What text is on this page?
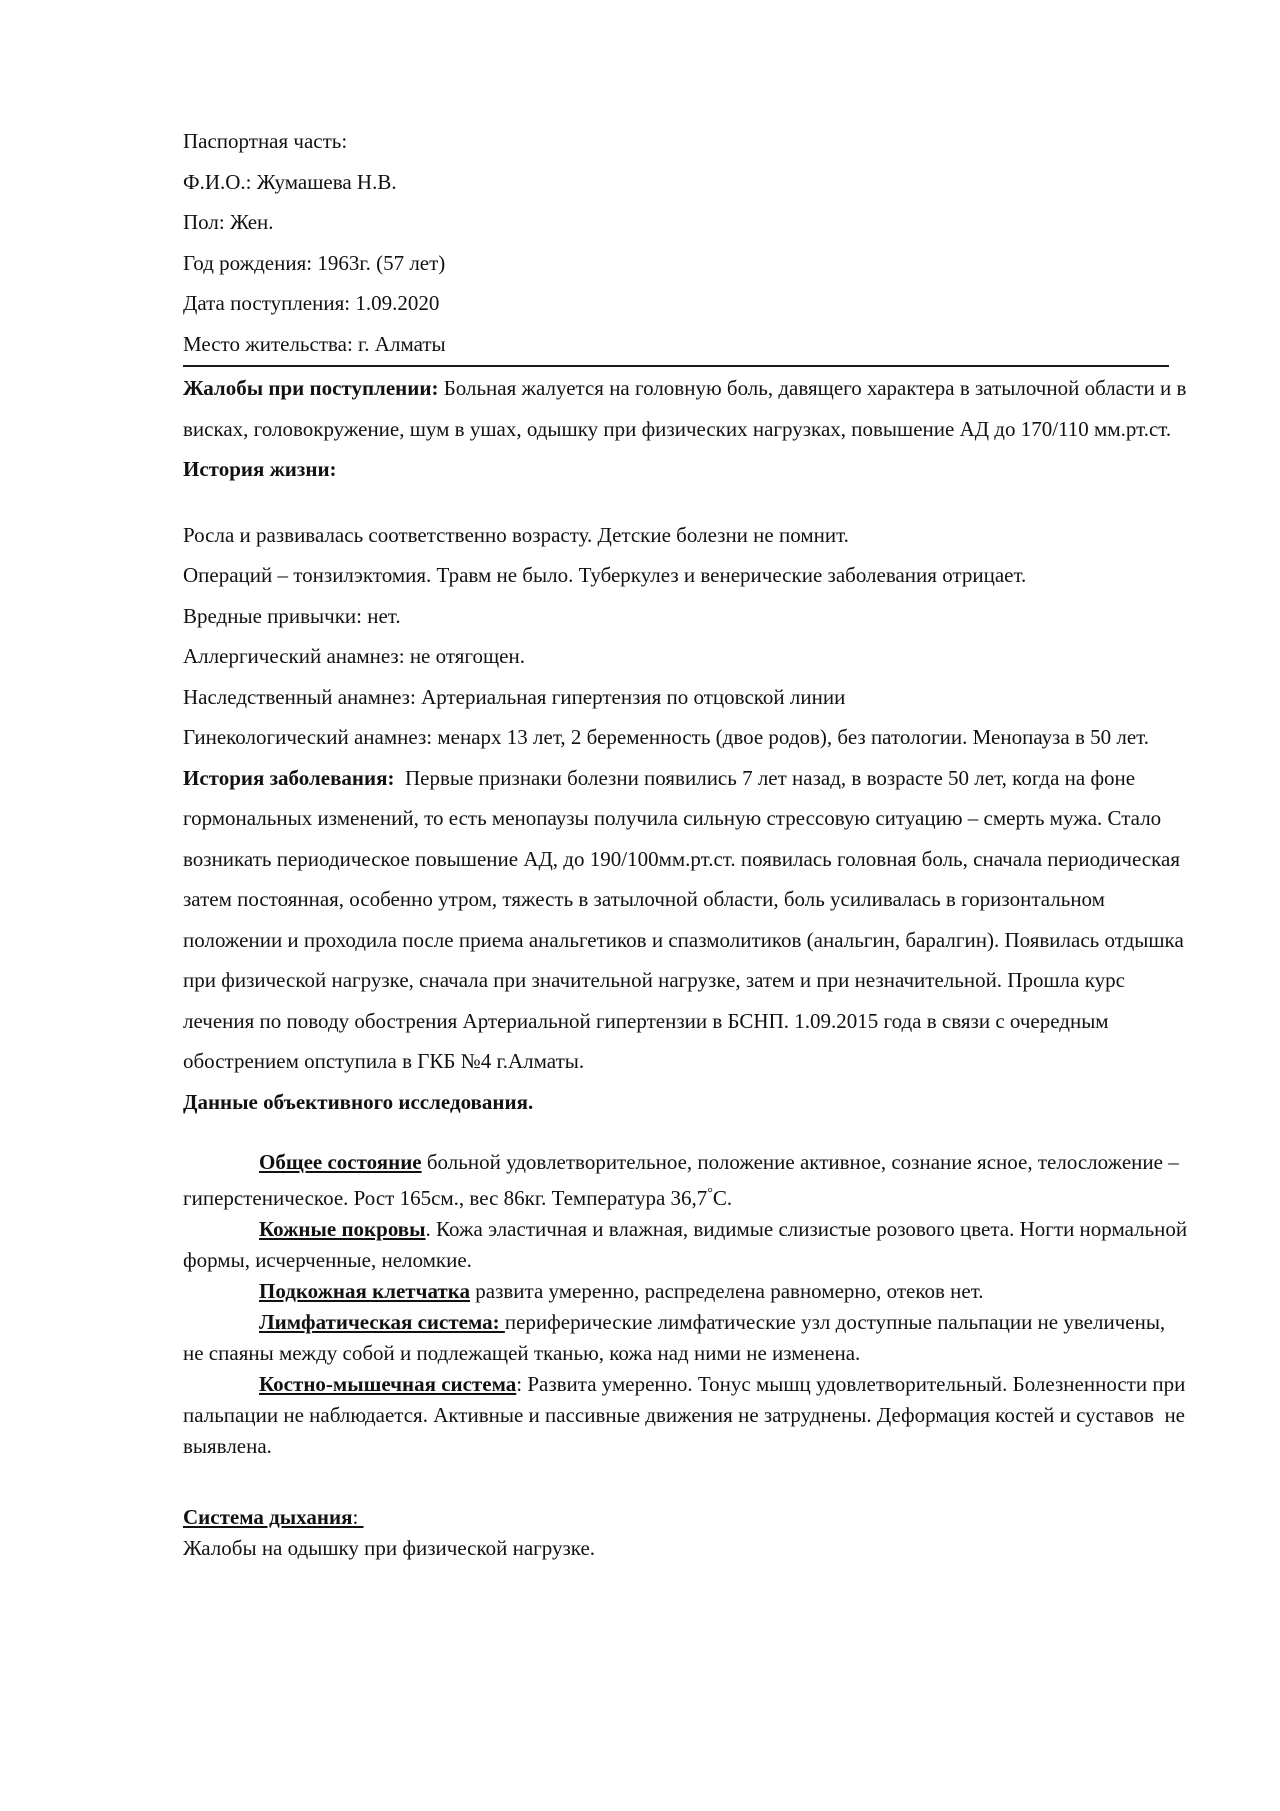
Паспортная часть:

Ф.И.О.: Жумашева Н.В.

Пол: Жен.

Год рождения: 1963г. (57 лет)

Дата поступления: 1.09.2020

Место жительства: г. Алматы

Жалобы при поступлении: Больная жалуется на головную боль, давящего характера в затылочной области и в висках, головокружение, шум в ушах, одышку при физических нагрузках, повышение АД до 170/110 мм.рт.ст.

История жизни:

Росла и развивалась соответственно возрасту. Детские болезни не помнит.

Операций – тонзилэктомия. Травм не было. Туберкулез и венерические заболевания отрицает.

Вредные привычки: нет.

Аллергический анамнез: не отягощен.

Наследственный анамнез: Артериальная гипертензия по отцовской линии

Гинекологический анамнез: менарх 13 лет, 2 беременность (двое родов), без патологии. Менопауза в 50 лет.

История заболевания:  Первые признаки болезни появились 7 лет назад, в возрасте 50 лет, когда на фоне гормональных изменений, то есть менопаузы получила сильную стрессовую ситуацию – смерть мужа. Стало возникать периодическое повышение АД, до 190/100мм.рт.ст. появилась головная боль, сначала периодическая затем постоянная, особенно утром, тяжесть в затылочной области, боль усиливалась в горизонтальном положении и проходила после приема анальгетиков и спазмолитиков (анальгин, баралгин). Появилась отдышка при физической нагрузке, сначала при значительной нагрузке, затем и при незначительной. Прошла курс лечения по поводу обострения Артериальной гипертензии в БСНП. 1.09.2015 года в связи с очередным обострением опступила в ГКБ №4 г.Алматы.

Данные объективного исследования.

Общее состояние больной удовлетворительное, положение активное, сознание ясное, телосложение – гиперстеническое. Рост 165см., вес 86кг. Температура 36,7°С.

Кожные покровы. Кожа эластичная и влажная, видимые слизистые розового цвета. Ногти нормальной формы, исчерченные, неломкие.

Подкожная клетчатка развита умеренно, распределена равномерно, отеков нет.

Лимфатическая система: периферические лимфатические узл доступные пальпации не увеличены, не спаяны между собой и подлежащей тканью, кожа над ними не изменена.

Костно-мышечная система: Развита умеренно. Тонус мышц удовлетворительный. Болезненности при пальпации не наблюдается. Активные и пассивные движения не затруднены. Деформация костей и суставов  не выявлена.

Система дыхания:

Жалобы на одышку при физической нагрузке.
